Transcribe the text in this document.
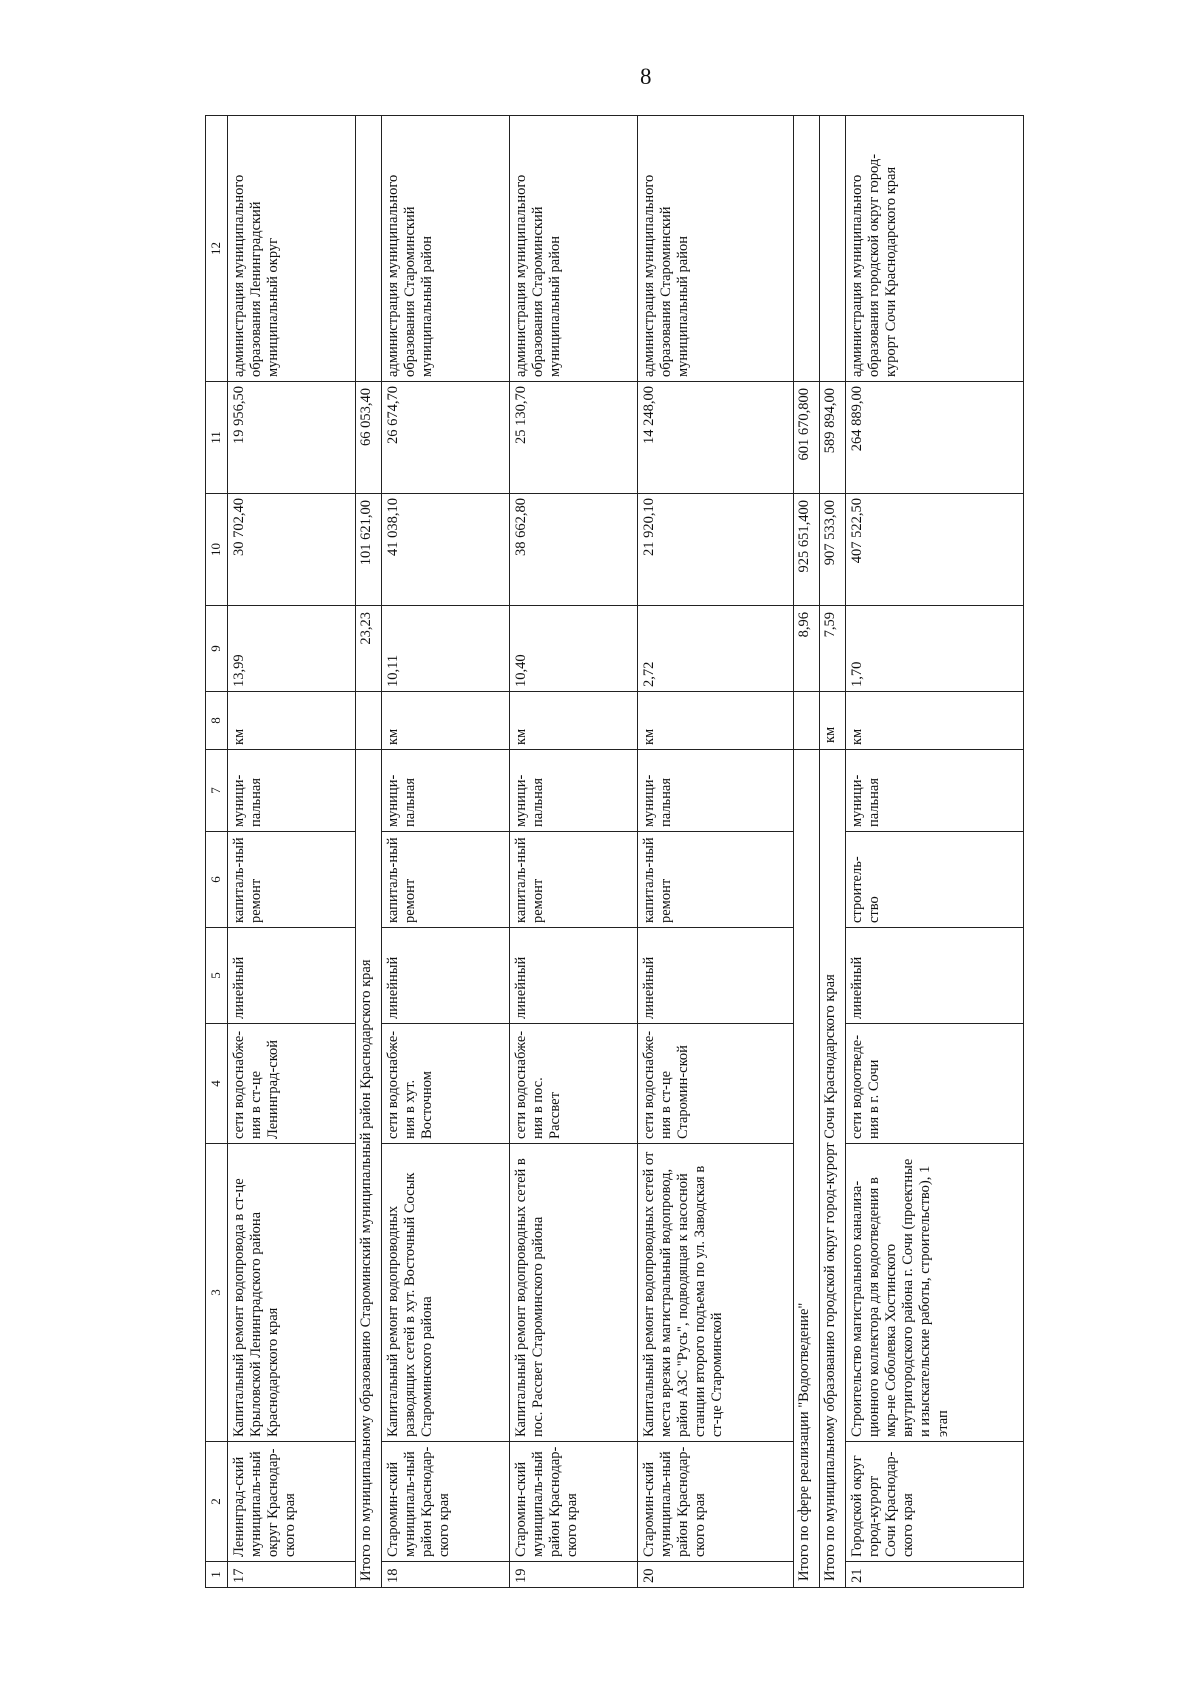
8
1	2	3	4	5	6	7	8	9	10	11	12
17	Ленинград-ский муниципаль-ный округ Краснодар-ского края	Капитальный ремонт водопровода в ст-це Крыловской Ленинградского района Краснодарского края	сети водоснабже-ния в ст-це Ленинград-ской	линейный	капиталь-ный ремонт	муници-пальная	км	13,99	30 702,40	19 956,50	администрация муниципального образования Ленинградский муниципальный округ
Итого по муниципальному образованию Староминский муниципальный район Краснодарского края								23,23	101 621,00	66 053,40	
18	Старомин-ский муниципаль-ный район Краснодар-ского края	Капитальный ремонт водопроводных разводящих сетей в хут. Восточный Сосык Староминского района	сети водоснабже-ния в хут. Восточном	линейный	капиталь-ный ремонт	муници-пальная	км	10,11	41 038,10	26 674,70	администрация муниципального образования Староминский муниципальный район
19	Старомин-ский муниципаль-ный район Краснодар-ского края	Капитальный ремонт водопроводных сетей в пос. Рассвет Староминского района	сети водоснабже-ния в пос. Рассвет	линейный	капиталь-ный ремонт	муници-пальная	км	10,40	38 662,80	25 130,70	администрация муниципального образования Староминский муниципальный район
20	Старомин-ский муниципаль-ный район Краснодар-ского края	Капитальный ремонт водопроводных сетей от места врезки в магистральный водопровод, район АЗС "Русь", подводящая к насосной станции второго подъема по ул. Заводская в ст-це Староминской	сети водоснабже-ния в ст-це Старомин-ской	линейный	капиталь-ный ремонт	муници-пальная	км	2,72	21 920,10	14 248,00	администрация муниципального образования Староминский муниципальный район
Итого по сфере реализации "Водоотведение"								8,96	925 651,400	601 670,800	
Итого по муниципальному образованию городской округ город-курорт Сочи Краснодарского края							км	7,59	907 533,00	589 894,00	
21	Городской округ город-курорт Сочи Краснодар-ского края	Строительство магистрального канализа-ционного коллектора для водоотведения в мкр-не Соболевка Хостинского внутригородского района г. Сочи (проектные и изыскательские работы, строительство), 1 этап	сети водоотведе-ния в г. Сочи	линейный	строитель-ство	муници-пальная	км	1,70	407 522,50	264 889,00	администрация муниципального образования городской округ город-курорт Сочи Краснодарского края
